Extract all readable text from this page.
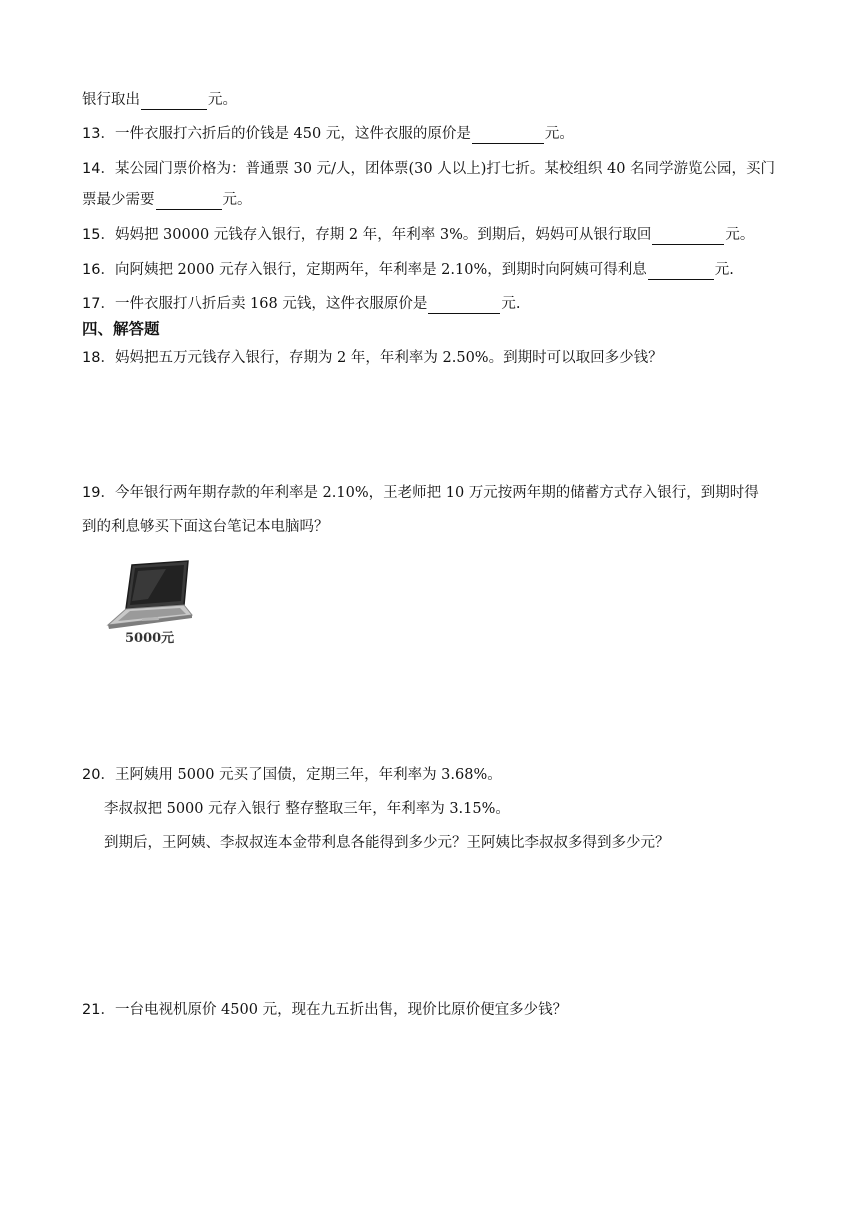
银行取出	元。
13．一件衣服打六折后的价钱是 450 元，这件衣服的原价是	元。
14．某公园门票价格为：普通票 30 元/人，团体票(30 人以上)打七折。某校组织 40 名同学游览公园，买门
票最少需要	元。
15．妈妈把 30000 元钱存入银行，存期 2 年，年利率 3%。到期后，妈妈可从银行取回	元。
16．向阿姨把 2000 元存入银行，定期两年，年利率是 2.10%，到期时向阿姨可得利息	元.
17．一件衣服打八折后卖 168 元钱，这件衣服原价是	元.
四、解答题
18．妈妈把五万元钱存入银行，存期为 2 年，年利率为 2.50%。到期时可以取回多少钱？
19．今年银行两年期存款的年利率是 2.10%，王老师把 10 万元按两年期的储蓄方式存入银行，到期时得
到的利息够买下面这台笔记本电脑吗？
5000元
20．王阿姨用 5000 元买了国债，定期三年，年利率为 3.68%。
李叔叔把 5000 元存入银行 整存整取三年，年利率为 3.15%。
到期后，王阿姨、李叔叔连本金带利息各能得到多少元？王阿姨比李叔叔多得到多少元？
21．一台电视机原价 4500 元，现在九五折出售，现价比原价便宜多少钱？
